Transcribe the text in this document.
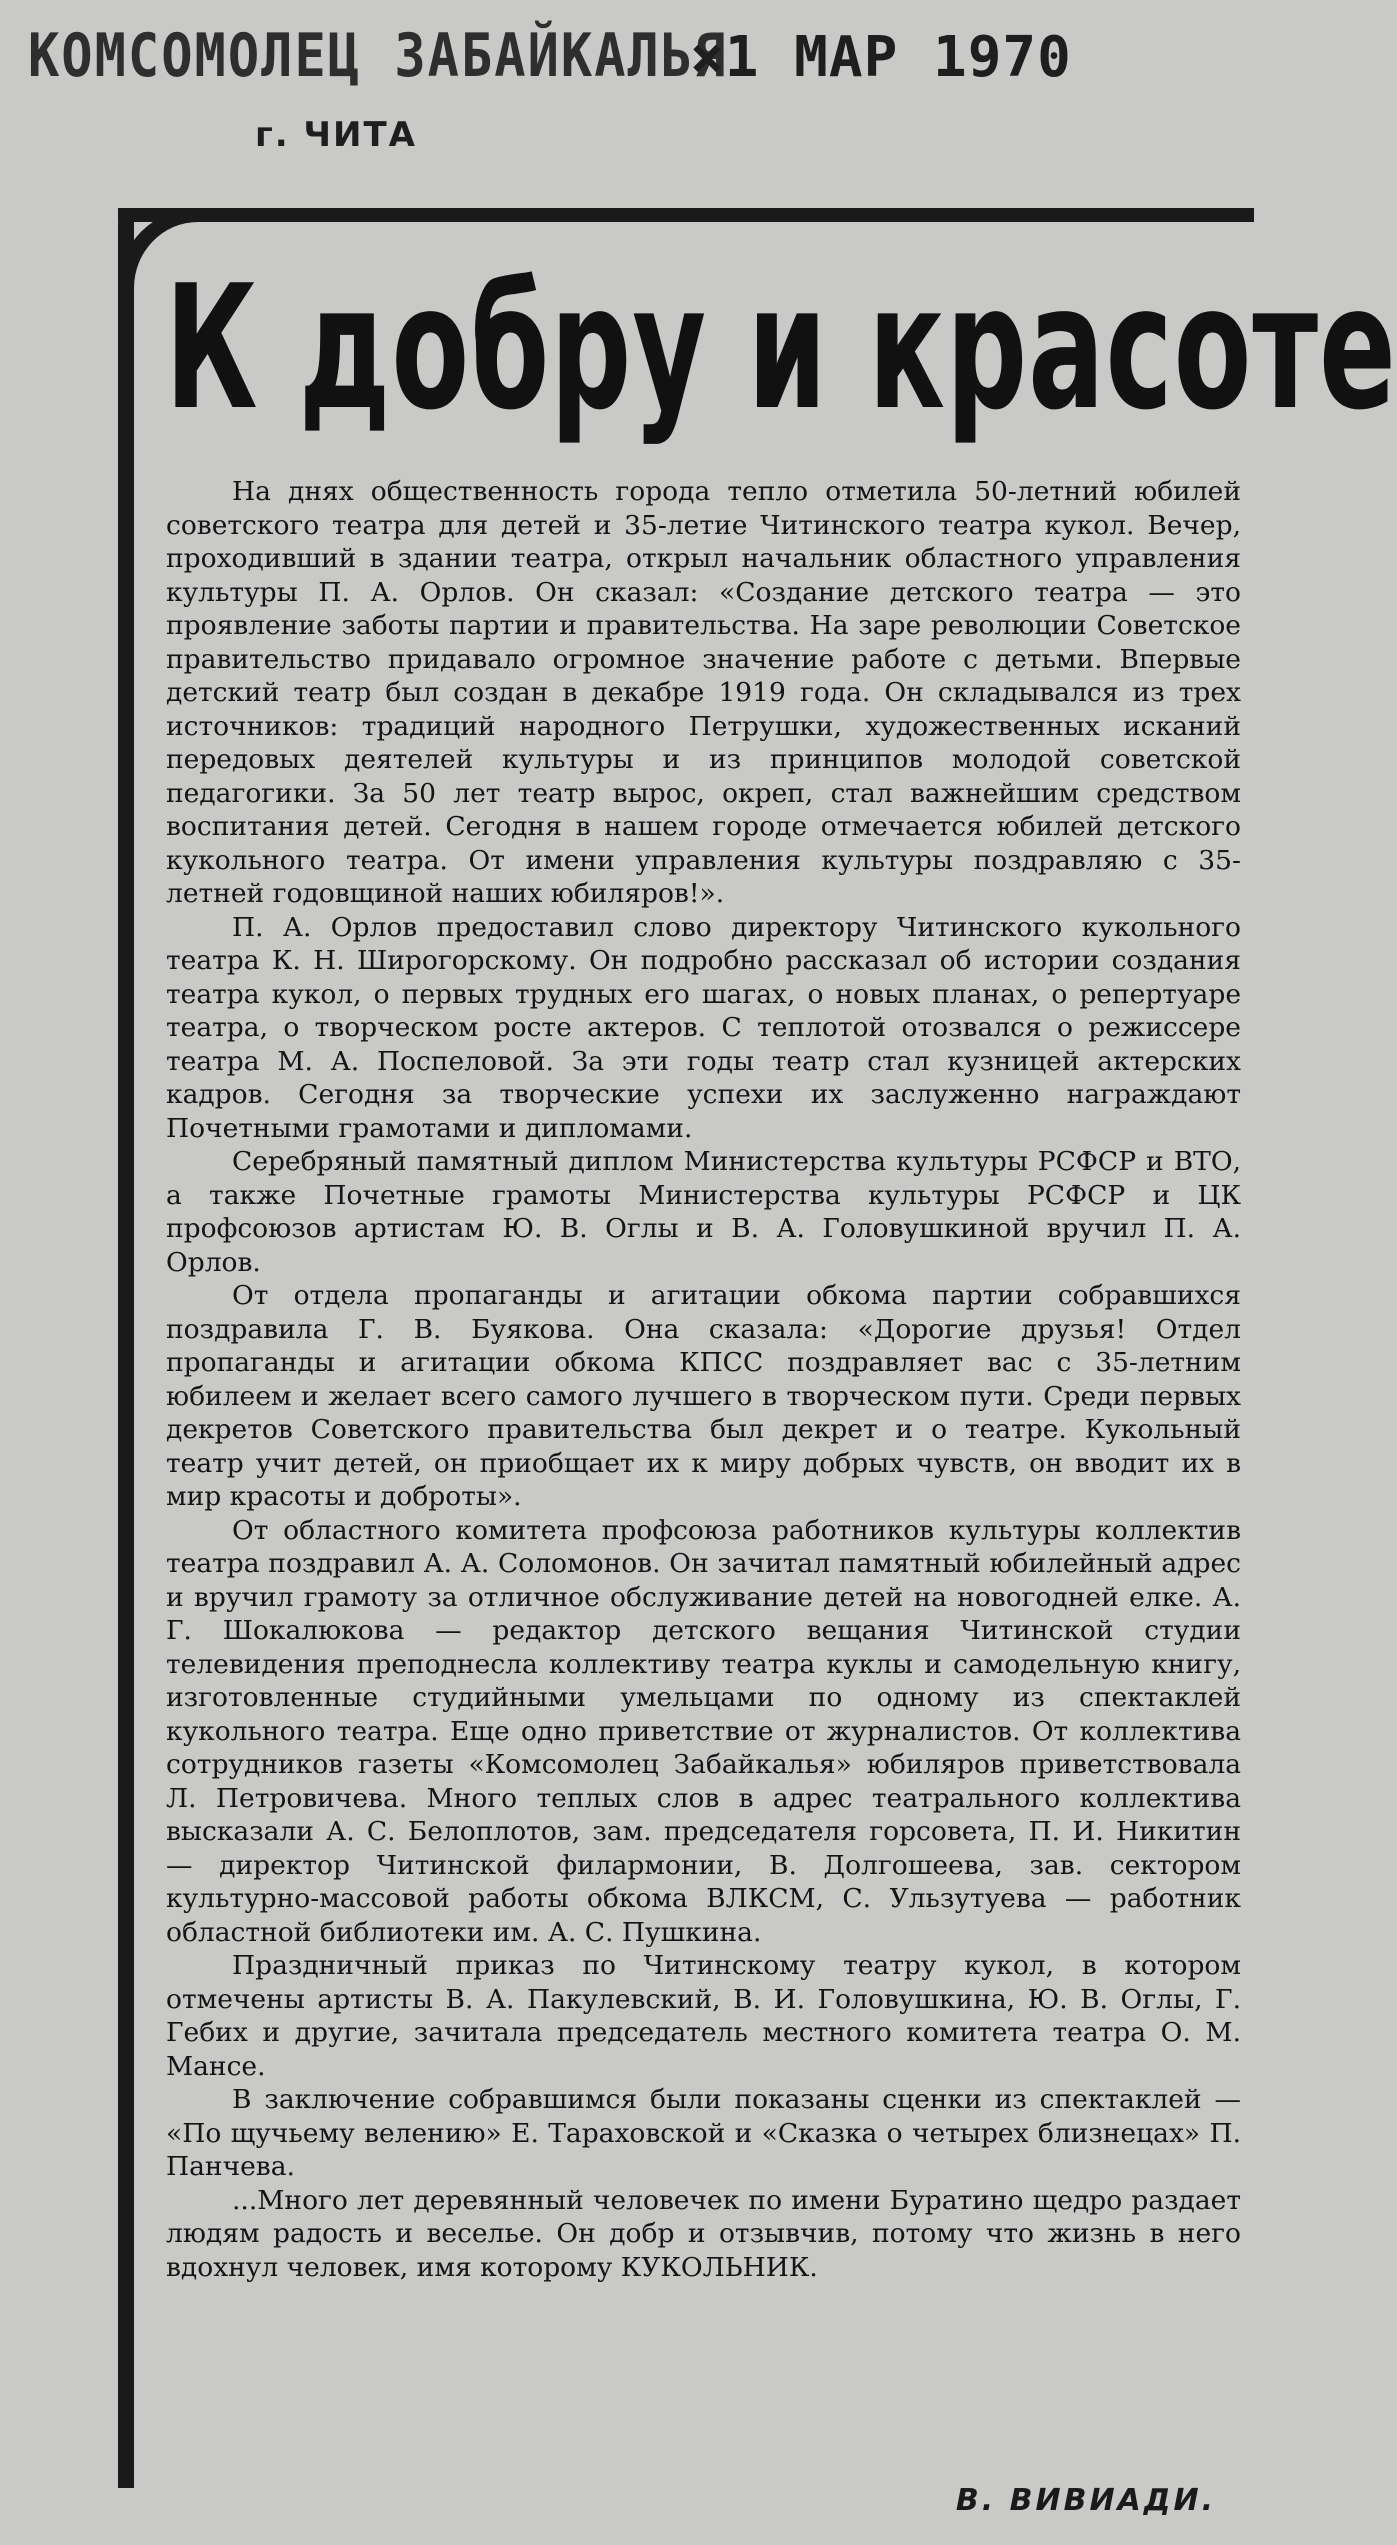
КОМСОМОЛЕЦ ЗАБАЙКАЛЬЯ
г. ЧИТА
×1 МАР 1970
К добру и красоте

На днях общественность города тепло отметила 50-летний юбилей советского театра для детей и 35-летие Читинского театра кукол. Вечер, проходивший в здании театра, открыл начальник областного управления культуры П. А. Орлов. Он сказал: «Создание детского театра — это проявление заботы партии и правительства. На заре революции Советское правительство придавало огромное значение работе с детьми. Впервые детский театр был создан в декабре 1919 года. Он складывался из трех источников: традиций народного Петрушки, художественных исканий передовых деятелей культуры и из принципов молодой советской педагогики. За 50 лет театр вырос, окреп, стал важнейшим средством воспитания детей. Сегодня в нашем городе отмечается юбилей детского кукольного театра. От имени управления культуры поздравляю с 35-летней годовщиной наших юбиляров!».

П. А. Орлов предоставил слово директору Читинского кукольного театра К. Н. Широгорскому. Он подробно рассказал об истории создания театра кукол, о первых трудных его шагах, о новых планах, о репертуаре театра, о творческом росте актеров. С теплотой отозвался о режиссере театра М. А. Поспеловой. За эти годы театр стал кузницей актерских кадров. Сегодня за творческие успехи их заслуженно награждают Почетными грамотами и дипломами.

Серебряный памятный диплом Министерства культуры РСФСР и ВТО, а также Почетные грамоты Министерства культуры РСФСР и ЦК профсоюзов артистам Ю. В. Оглы и В. А. Головушкиной вручил П. А. Орлов.

От отдела пропаганды и агитации обкома партии собравшихся поздравила Г. В. Буякова. Она сказала: «Дорогие друзья! Отдел пропаганды и агитации обкома КПСС поздравляет вас с 35-летним юбилеем и желает всего самого лучшего в творческом пути. Среди первых декретов Советского правительства был декрет и о театре. Кукольный театр учит детей, он приобщает их к миру добрых чувств, он вводит их в мир красоты и доброты».

От областного комитета профсоюза работников культуры коллектив театра поздравил А. А. Соломонов. Он зачитал памятный юбилейный адрес и вручил грамоту за отличное обслуживание детей на новогодней елке. А. Г. Шокалюкова — редактор детского вещания Читинской студии телевидения преподнесла коллективу театра куклы и самодельную книгу, изготовленные студийными умельцами по одному из спектаклей кукольного театра. Еще одно приветствие от журналистов. От коллектива сотрудников газеты «Комсомолец Забайкалья» юбиляров приветствовала Л. Петровичева. Много теплых слов в адрес театрального коллектива высказали А. С. Белоплотов, зам. председателя горсовета, П. И. Никитин — директор Читинской филармонии, В. Долгошеева, зав. сектором культурно-массовой работы обкома ВЛКСМ, С. Ульзутуева — работник областной библиотеки им. А. С. Пушкина.

Праздничный приказ по Читинскому театру кукол, в котором отмечены артисты В. А. Пакулевский, В. И. Головушкина, Ю. В. Оглы, Г. Гебих и другие, зачитала председатель местного комитета театра О. М. Мансе.

В заключение собравшимся были показаны сценки из спектаклей — «По щучьему велению» Е. Тараховской и «Сказка о четырех близнецах» П. Панчева.

...Много лет деревянный человечек по имени Буратино щедро раздает людям радость и веселье. Он добр и отзывчив, потому что жизнь в него вдохнул человек, имя которому КУКОЛЬНИК.

В. ВИВИАДИ.
